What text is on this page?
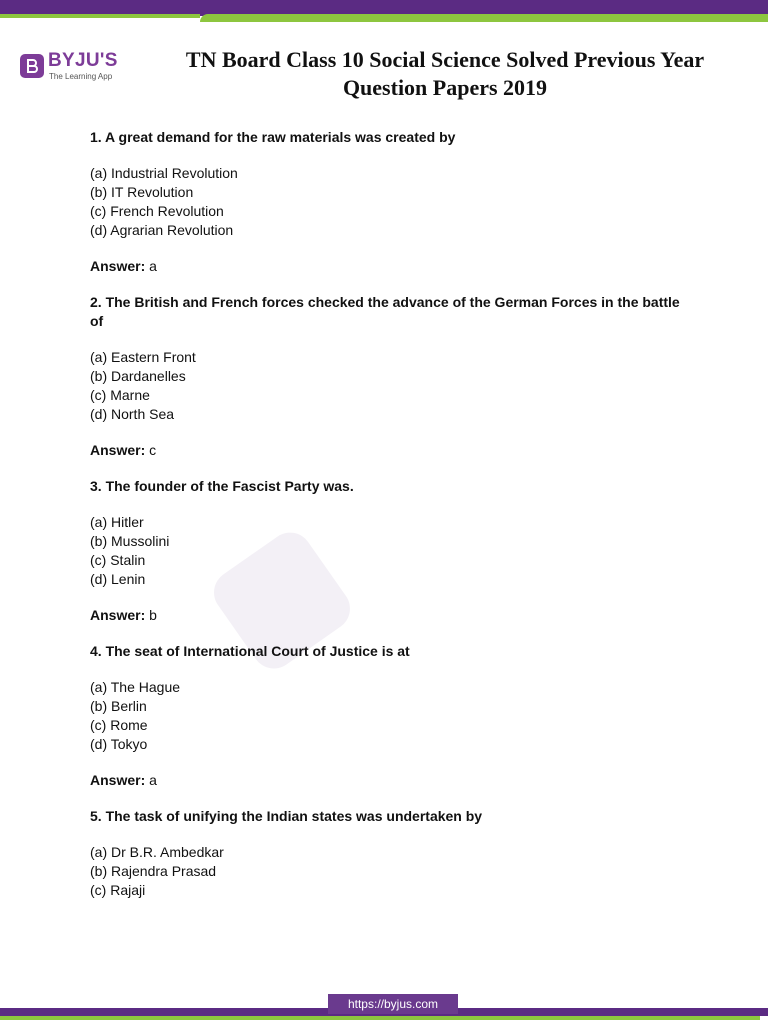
BYJU'S
The Learning App
TN Board Class 10 Social Science Solved Previous Year
Question Papers 2019

1. A great demand for the raw materials was created by

(a) Industrial Revolution

(b) IT Revolution

(c) French Revolution

(d) Agrarian Revolution

Answer: a

2. The British and French forces checked the advance of the German Forces in the battle of

(a) Eastern Front

(b) Dardanelles

(c) Marne

(d) North Sea

Answer: c

3. The founder of the Fascist Party was.

(a) Hitler

(b) Mussolini

(c) Stalin

(d) Lenin

Answer: b

4. The seat of International Court of Justice is at

(a) The Hague

(b) Berlin

(c) Rome

(d) Tokyo

Answer: a

5. The task of unifying the Indian states was undertaken by

(a) Dr B.R. Ambedkar

(b) Rajendra Prasad

(c) Rajaji

https://byjus.com
